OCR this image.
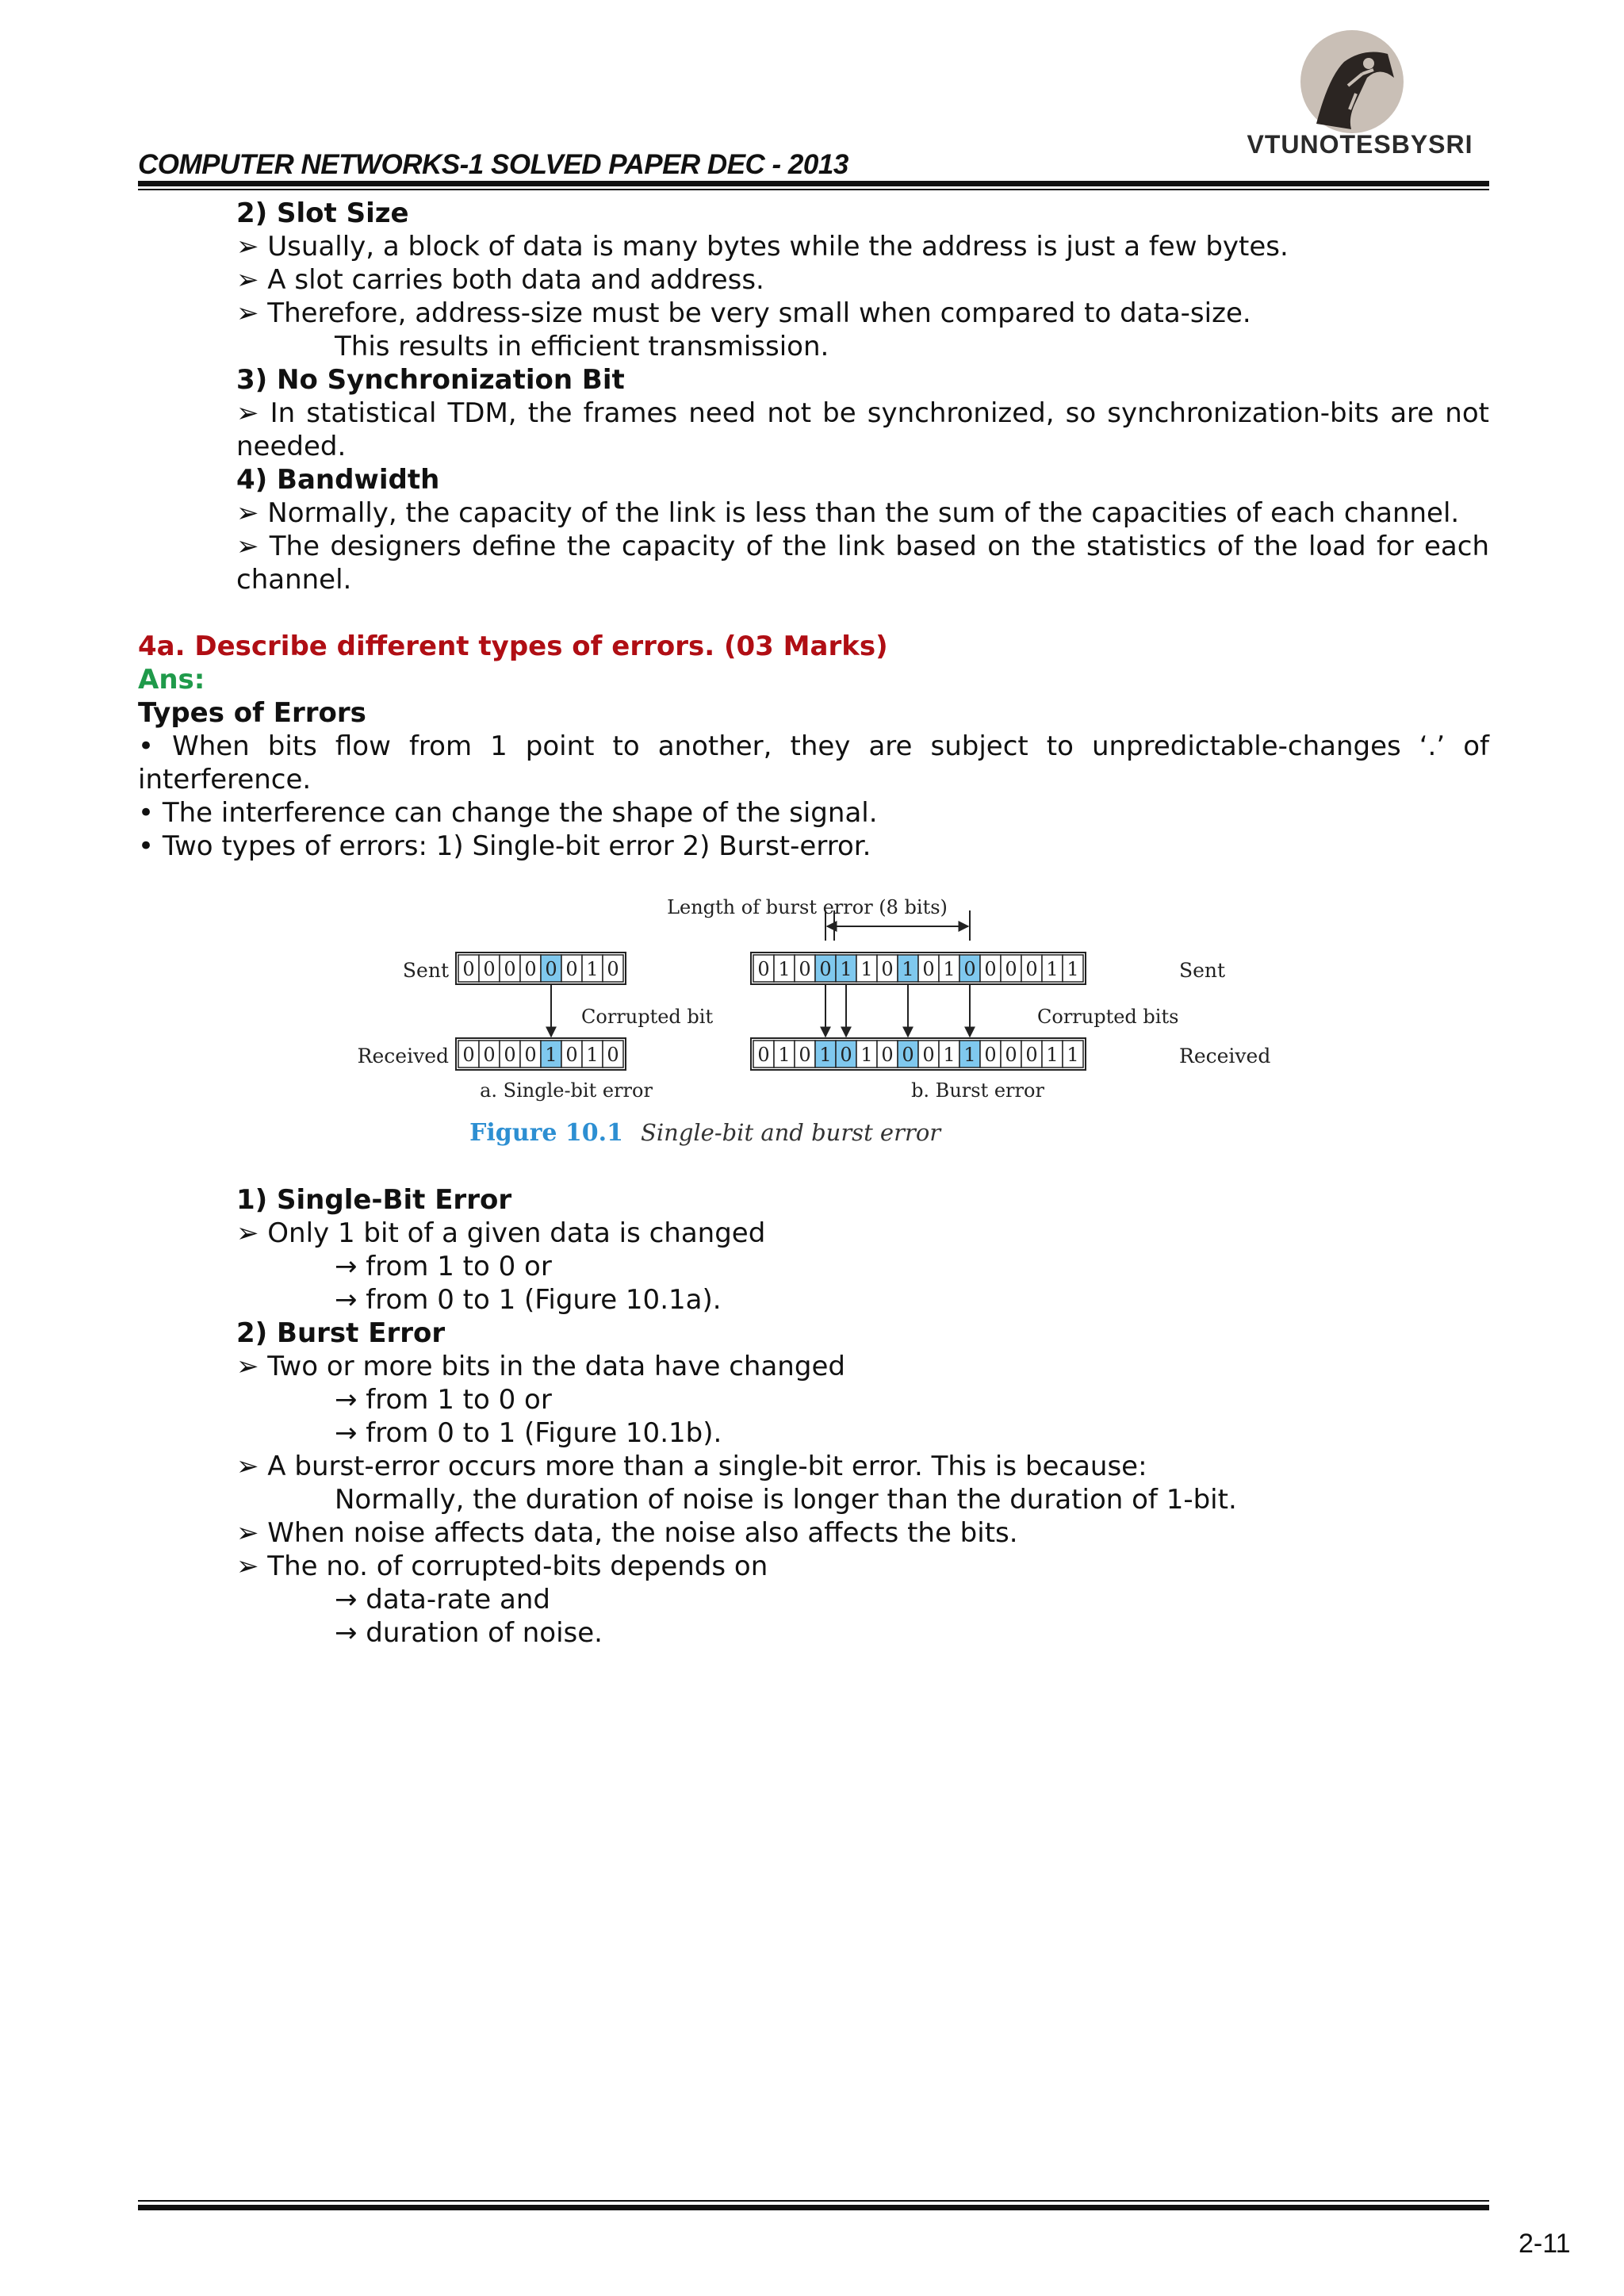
VTUNOTESBYSRI
COMPUTER NETWORKS-1 SOLVED PAPER DEC - 2013
2) Slot Size
➢ Usually, a block of data is many bytes while the address is just a few bytes.
➢ A slot carries both data and address.
➢ Therefore, address-size must be very small when compared to data-size.
This results in efficient transmission.
3) No Synchronization Bit
➢ In statistical TDM, the frames need not be synchronized, so synchronization-bits are not
needed.
4) Bandwidth
➢ Normally, the capacity of the link is less than the sum of the capacities of each channel.
➢ The designers define the capacity of the link based on the statistics of the load for each
channel.
4a. Describe different types of errors. (03 Marks)
Ans:
Types of Errors
• When bits flow from 1 point to another, they are subject to unpredictable-changes ‘.’ of
interference.
• The interference can change the shape of the signal.
• Two types of errors: 1) Single-bit error 2) Burst-error.
0 0 0 0 0 0 1 0
0 0 0 0 1 0 1 0
0 1 0 0 1 1 0 1 0 1 0 0 0 0 1 1
0 1 0 1 0 1 0 0 0 1 1 0 0 0 1 1
Sent
Received
Corrupted bit
a. Single-bit error
Length of burst error (8 bits)
Sent
Received
Corrupted bits
b. Burst error
Figure 10.1 Single-bit and burst error
1) Single-Bit Error
➢ Only 1 bit of a given data is changed
→ from 1 to 0 or
→ from 0 to 1 (Figure 10.1a).
2) Burst Error
➢ Two or more bits in the data have changed
→ from 1 to 0 or
→ from 0 to 1 (Figure 10.1b).
➢ A burst-error occurs more than a single-bit error. This is because:
Normally, the duration of noise is longer than the duration of 1-bit.
➢ When noise affects data, the noise also affects the bits.
➢ The no. of corrupted-bits depends on
→ data-rate and
→ duration of noise.
2-11
